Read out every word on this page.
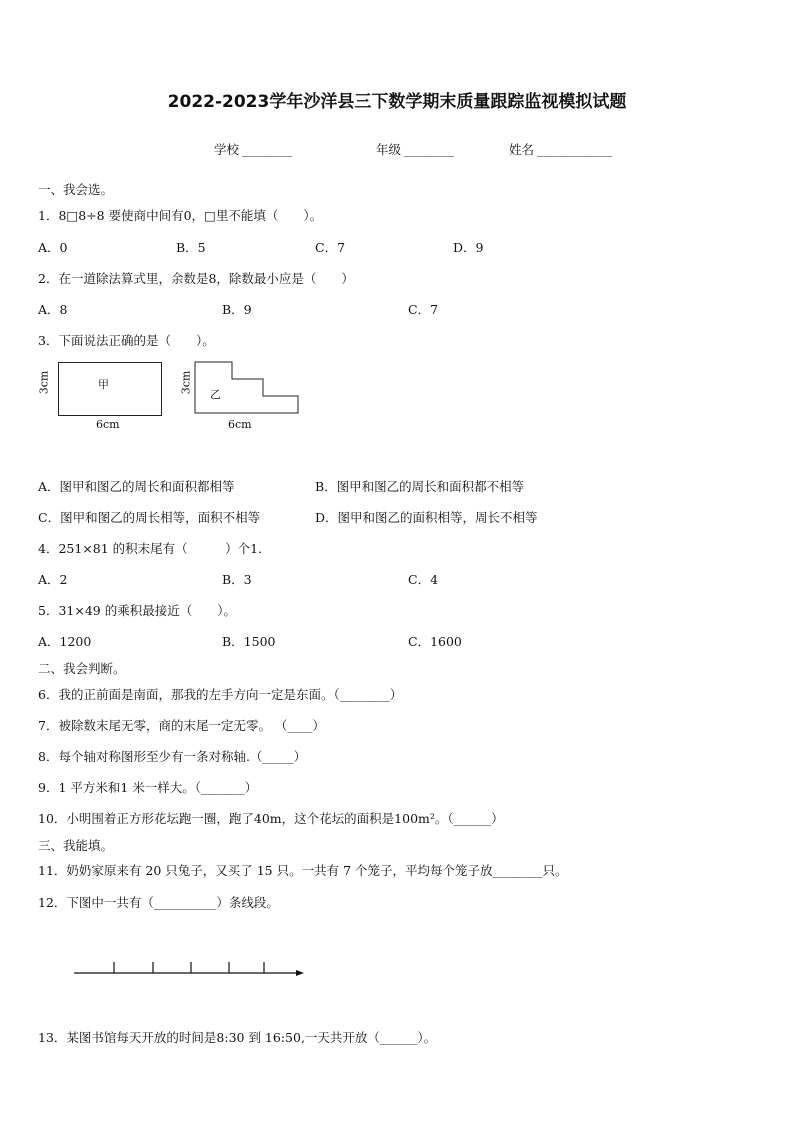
2022-2023学年沙洋县三下数学期末质量跟踪监视模拟试题
学校 ________	年级 ________	姓名 ____________
一、我会选。
1．8□8÷8 要使商中间有0，□里不能填（　　）。
A．0	B．5	C．7	D．9
2．在一道除法算式里，余数是8，除数最小应是（　　）
A．8	B．9	C．7
3．下面说法正确的是（　　）。
甲
3cm
6cm
乙
3cm
6cm
A．图甲和图乙的周长和面积都相等	B．图甲和图乙的周长和面积都不相等
C．图甲和图乙的周长相等，面积不相等	D．图甲和图乙的面积相等，周长不相等
4．251×81 的积末尾有（　　　）个1．
A．2	B．3	C．4
5．31×49 的乘积最接近（　　）。
A．1200	B．1500	C．1600
二、我会判断。
6．我的正前面是南面，那我的左手方向一定是东面。（________）
7．被除数末尾无零，商的末尾一定无零。 （____）
8．每个轴对称图形至少有一条对称轴.（_____）
9．1 平方米和1 米一样大。（_______）
10．小明围着正方形花坛跑一圈，跑了40m，这个花坛的面积是100m²。（______）
三、我能填。
11．奶奶家原来有 20 只兔子，又买了 15 只。一共有 7 个笼子，平均每个笼子放________只。
12．下图中一共有（__________）条线段。
13．某图书馆每天开放的时间是8:30 到 16:50,一天共开放（______）。
